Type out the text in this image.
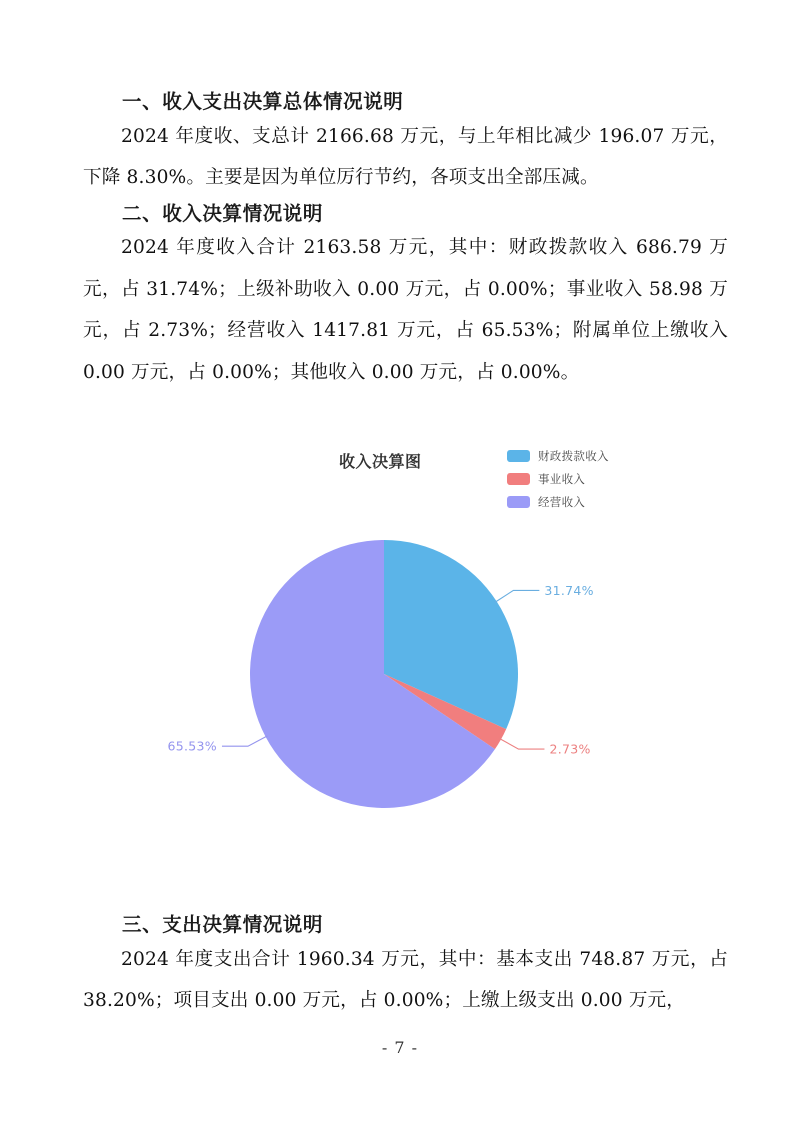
一、收入支出决算总体情况说明

2024 年度收、支总计 2166.68 万元，与上年相比减少 196.07 万元，下降 8.30%。主要是因为单位厉行节约，各项支出全部压减。

二、收入决算情况说明

2024 年度收入合计 2163.58 万元，其中：财政拨款收入 686.79 万元，占 31.74%；上级补助收入 0.00 万元，占 0.00%；事业收入 58.98 万元，占 2.73%；经营收入 1417.81 万元，占 65.53%；附属单位上缴收入 0.00 万元，占 0.00%；其他收入 0.00 万元，占 0.00%。

收入决算图	财政拨款收入
事业收入
经营收入
31.74%
2.73%
65.53%
三、支出决算情况说明

2024 年度支出合计 1960.34 万元，其中：基本支出 748.87 万元，占 38.20%；项目支出 0.00 万元，占 0.00%；上缴上级支出 0.00 万元，

- 7 -
